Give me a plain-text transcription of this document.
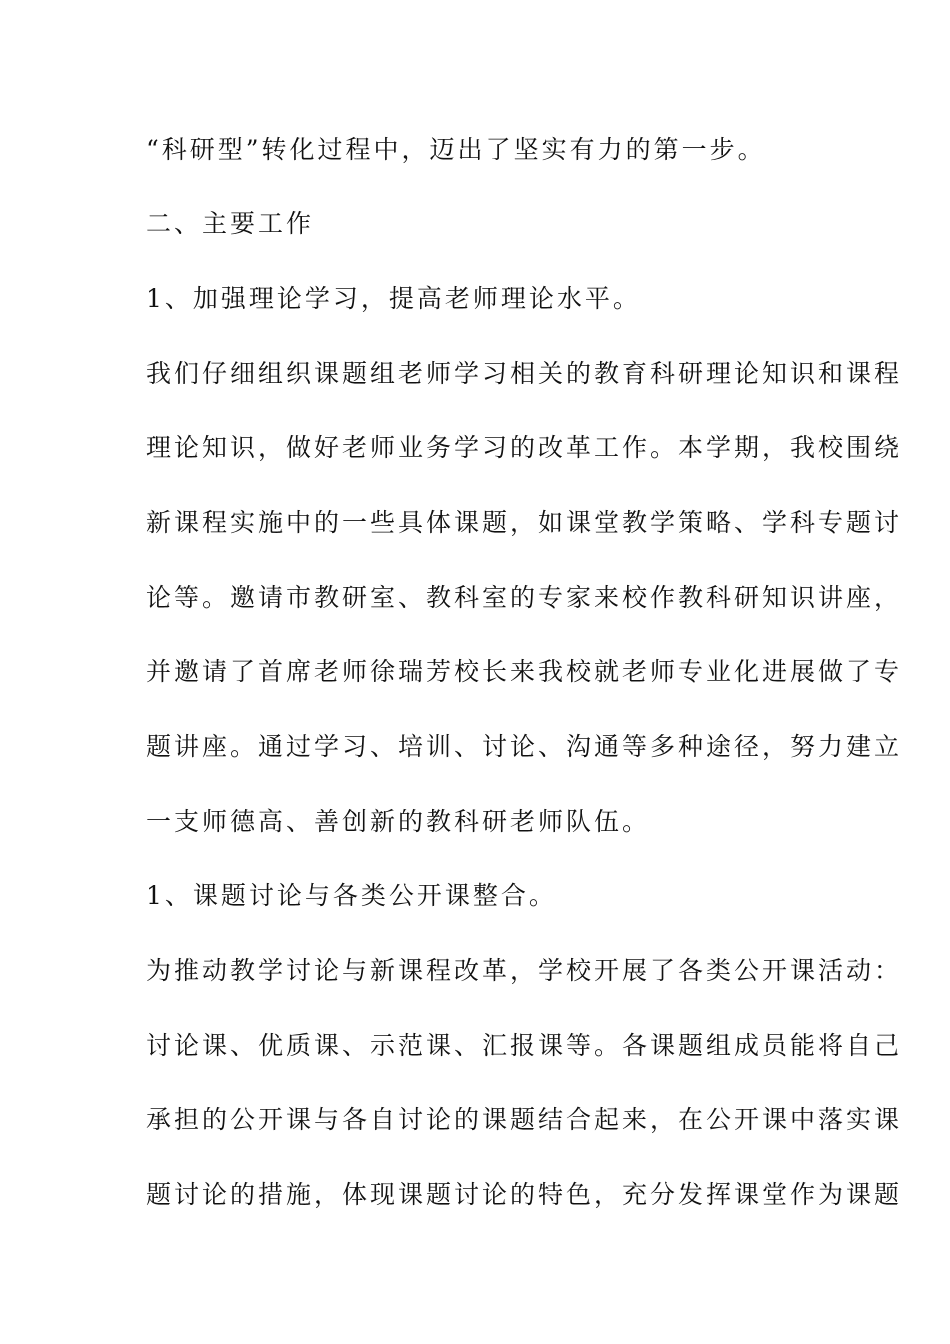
“科研型”转化过程中，迈出了坚实有力的第一步。
二、主要工作
1、加强理论学习，提高老师理论水平。
我们仔细组织课题组老师学习相关的教育科研理论知识和课程
理论知识，做好老师业务学习的改革工作。本学期，我校围绕
新课程实施中的一些具体课题，如课堂教学策略、学科专题讨
论等。邀请市教研室、教科室的专家来校作教科研知识讲座，
并邀请了首席老师徐瑞芳校长来我校就老师专业化进展做了专
题讲座。通过学习、培训、讨论、沟通等多种途径，努力建立
一支师德高、善创新的教科研老师队伍。
1、课题讨论与各类公开课整合。
为推动教学讨论与新课程改革，学校开展了各类公开课活动：
讨论课、优质课、示范课、汇报课等。各课题组成员能将自己
承担的公开课与各自讨论的课题结合起来，在公开课中落实课
题讨论的措施，体现课题讨论的特色，充分发挥课堂作为课题
